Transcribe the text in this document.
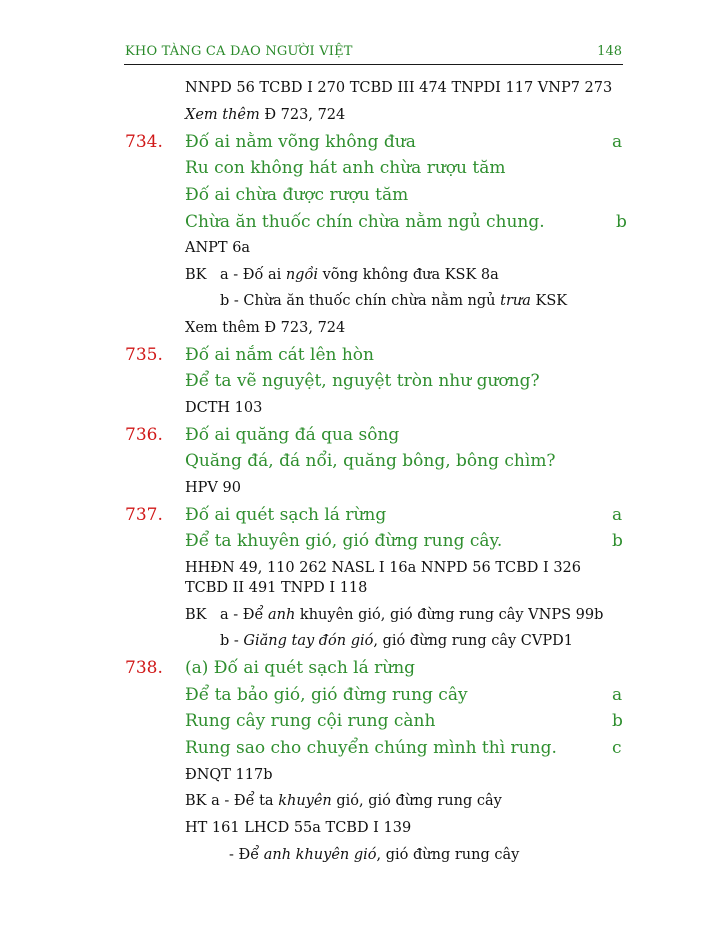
KHO TÀNG CA DAO NGƯỜI VIỆT	148
NNPD 56 TCBD I 270 TCBD III 474 TNPDI 117 VNP7 273
Xem thêm Đ 723, 724
734. Đố ai nằm võng không đưa	a
Ru con không hát anh chừa rượu tăm
Đố ai chừa được rượu tăm
Chừa ăn thuốc chín chừa nằm ngủ chung.	b
ANPT 6a
BK a - Đố ai ngồi võng không đưa KSK 8a
b - Chừa ăn thuốc chín chừa nằm ngủ trưa KSK
Xem thêm Đ 723, 724
735. Đố ai nắm cát lên hòn
Để ta vẽ nguyệt, nguyệt tròn như gương?
DCTH 103
736. Đố ai quăng đá qua sông
Quăng đá, đá nổi, quăng bông, bông chìm?
HPV 90
737. Đố ai quét sạch lá rừng	a
Để ta khuyên gió, gió đừng rung cây.	b
HHĐN 49, 110 262 NASL I 16a NNPD 56 TCBD I 326
TCBD II 491 TNPD I 118
BK a - Để anh khuyên gió, gió đừng rung cây VNPS 99b
b - Giăng tay đón gió, gió đừng rung cây CVPD1
738. (a) Đố ai quét sạch lá rừng
Để ta bảo gió, gió đừng rung cây	a
Rung cây rung cội rung cành	b
Rung sao cho chuyển chúng mình thì rung.	c
ĐNQT 117b
BK a - Để ta khuyên gió, gió đừng rung cây
HT 161 LHCD 55a TCBD I 139
- Để anh khuyên gió, gió đừng rung cây
